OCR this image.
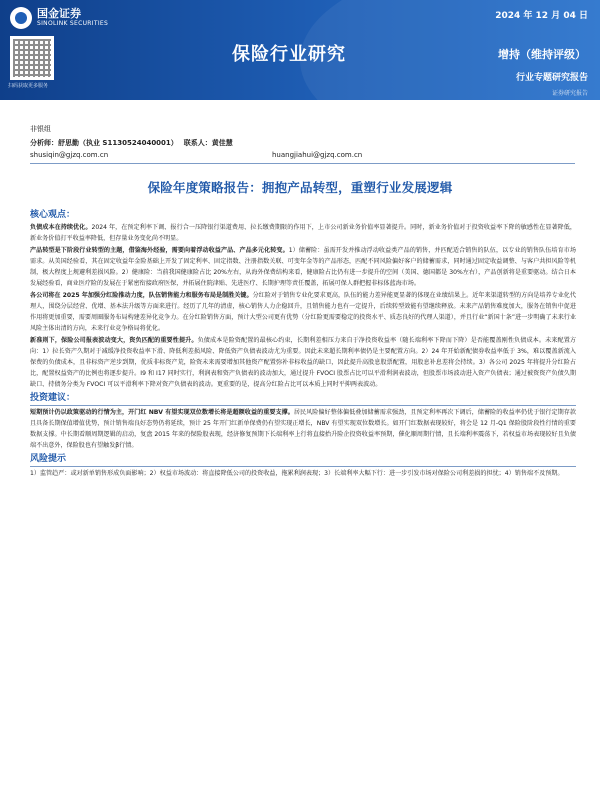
国金证券
SINOLINK SECURITIES
扫码获取更多服务
保险行业研究
2024 年 12 月 04 日
增持（维持评级）
行业专题研究报告
证券研究报告
非银组
分析师：舒思勤（执业 S1130524040001） 联系人：黄佳慧
shusiqin@gjzq.com.cn	huangjiahui@gjzq.com.cn
保险年度策略报告：拥抱产品转型，重塑行业发展逻辑
核心观点：

负债成本在持续优化。2024 年，在预定利率下调、报行合一压降银行渠道费用、拉长缴费期限的作用下，上市公司新业务价值率显著提升。同时，新业务价值对于投资收益率下降的敏感性在显著降低，新业务价值打平收益率降低，但存量业务变化尚不明显。

产品转型是下阶段行业转型的主题，借鉴海外经验，需要向着浮动收益产品、产品多元化转变。1）储蓄险：虽需开发并推动浮动收益类产品的销售，并匹配适合销售的队伍，以专业的销售队伍培育市场需求。从美国经验看，其在固定收益年金险基础上开发了固定利率、固定指数、注册指数关联、可变年金等的产品形态，匹配不同风险偏好客户的储蓄需求，同时通过固定收益调整、与客户共担风险等机制，极大程度上规避利差损风险。2）健康险：当前我国健康险占比 20%左右，从海外保费结构来看，健康险占比仍有进一步提升的空间（美国、德国都是 30%左右），产品创新将是重要驱动。结合日本发展经验看，商业医疗险的发展在于紧密衔接政府医保，并拓展住院津贴、先进医疗、长期护理等责任覆盖，拓展可保人群把握非标体蓝海市场。

各公司将在 2025 年加强分红险推动力度，队伍销售能力和服务布局是制胜关键。分红险对于销售专业化要求更高，队伍的能力差异能更显著的体现在业绩结果上。近年来渠道转型的方向是培养专业化代理人，围绕分层经营、优增、基本法升级等方面来进行。经历了几年的清虚，核心销售人力企稳回升，且销售能力也有一定提升，后续转型效能有望继续释放。未来产品销售难度加大，服务在销售中促进作用将更加重要，需要周圈服务布局构建差异化竞争力。在分红险销售方面，预计大型公司更有优势（分红险更需要稳定的投资水平、质态良好的代理人渠道），并且行业“新国十条”进一步明确了未来行业风险主体出清的方向，未来行业竞争格局将优化。

新准则下，保险公司报表波动变大，资负匹配的重要性提升。负债成本是险资配置的最核心约束，长期利差相压力来自于净投资收益率（随长端利率下降而下降）是否能覆盖刚性负债成本。未来配置方向：1）拉长资产久期对于减缓净投资收益率下滑、降低利差损风险、降低资产负债表波动尤为重要。因此未来超长期利率债仍是主要配置方向。2）24 年开始新配债券收益率低于 3%，难以覆盖新流入保费的负债成本，且非标资产逆步到期，优质非标资产荒，险资未来需要增加其他资产配置弥补非标收益的缺口，因此提升高股息股票配置，用股息补息差将会持续。3）各公司 2025 年将提升分红险占比，配置权益资产的比例也将逐步提升。I9 和 I17 同时实行，利润表和资产负债表的波动加大，通过提升 FVOCI 股票占比可以平滑利润表波动，但股票市场波动进入资产负债表；通过被资资产负债久期缺口、持债务分类为 FVOCI 可以平滑利率下降对资产负债表的波动。更重要的是，提高分红险占比可以本质上同时平抑两表波动。

投资建议：

短期预计仍以政策驱动的行情为主，开门红 NBV 有望实现双位数增长将是超额收益的重要支撑。居民风险偏好整体偏低叠加储蓄需求强劲，且预定利率再次下调后，储蓄险的收益率仍优于银行定期存款且具备长期保值增值优势，预计销售端良好态势仍将延续，预计 25 年开门红新单保费仍有望实现正增长，NBV 有望实现双位数增长。如开门红数据表现较好，将会是 12 月-Q1 保险股阶段性行情的重要数据支撑。中长期看顺周期逻辑的启动，复盘 2015 年来的保险股表现，经济修复预期下长端利率上行将直接抬升险企投资收益率预期，催化顺周期行情，且长端利率震荡下，若权益市场表现较好且负债端不出意外，保险股也有望触发β行情。

风险提示

1）监管趋严：或对新单销售形成负面影响；2）权益市场波动：将直接降低公司的投资收益，拖累利润表现；3）长端利率大幅下行：进一步引发市场对保险公司利差损的担忧；4）销售端不及预期。
